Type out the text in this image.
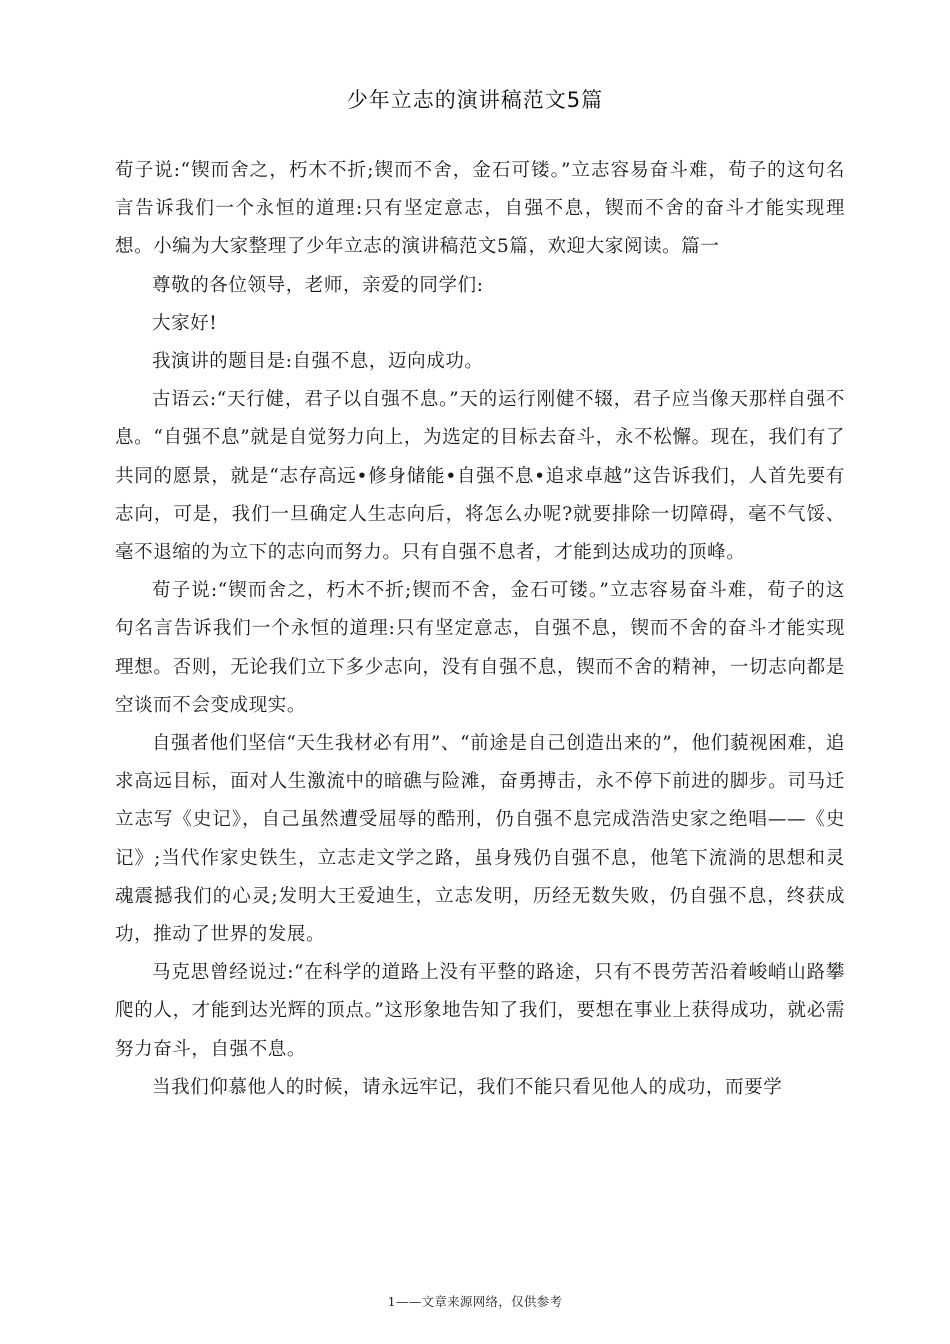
少年立志的演讲稿范文5篇

荀子说:“锲而舍之，朽木不折;锲而不舍，金石可镂。”立志容易奋斗难，荀子的这句名言告诉我们一个永恒的道理:只有坚定意志，自强不息，锲而不舍的奋斗才能实现理想。小编为大家整理了少年立志的演讲稿范文5篇，欢迎大家阅读。篇一

尊敬的各位领导，老师，亲爱的同学们:

大家好!

我演讲的题目是:自强不息，迈向成功。

古语云:“天行健，君子以自强不息。”天的运行刚健不辍，君子应当像天那样自强不息。“自强不息”就是自觉努力向上，为选定的目标去奋斗，永不松懈。现在，我们有了共同的愿景，就是“志存高远•修身储能•自强不息•追求卓越”这告诉我们，人首先要有志向，可是，我们一旦确定人生志向后，将怎么办呢?就要排除一切障碍，毫不气馁、毫不退缩的为立下的志向而努力。只有自强不息者，才能到达成功的顶峰。

荀子说:“锲而舍之，朽木不折;锲而不舍，金石可镂。”立志容易奋斗难，荀子的这句名言告诉我们一个永恒的道理:只有坚定意志，自强不息，锲而不舍的奋斗才能实现理想。否则，无论我们立下多少志向，没有自强不息，锲而不舍的精神，一切志向都是空谈而不会变成现实。

自强者他们坚信“天生我材必有用”、“前途是自己创造出来的”，他们藐视困难，追求高远目标，面对人生激流中的暗礁与险滩，奋勇搏击，永不停下前进的脚步。司马迁立志写《史记》，自己虽然遭受屈辱的酷刑，仍自强不息完成浩浩史家之绝唱——《史记》;当代作家史铁生，立志走文学之路，虽身残仍自强不息，他笔下流淌的思想和灵魂震撼我们的心灵;发明大王爱迪生，立志发明，历经无数失败，仍自强不息，终获成功，推动了世界的发展。

马克思曾经说过:“在科学的道路上没有平整的路途，只有不畏劳苦沿着峻峭山路攀爬的人，才能到达光辉的顶点。”这形象地告知了我们，要想在事业上获得成功，就必需努力奋斗，自强不息。

当我们仰慕他人的时候，请永远牢记，我们不能只看见他人的成功，而要学

1——文章来源网络，仅供参考
